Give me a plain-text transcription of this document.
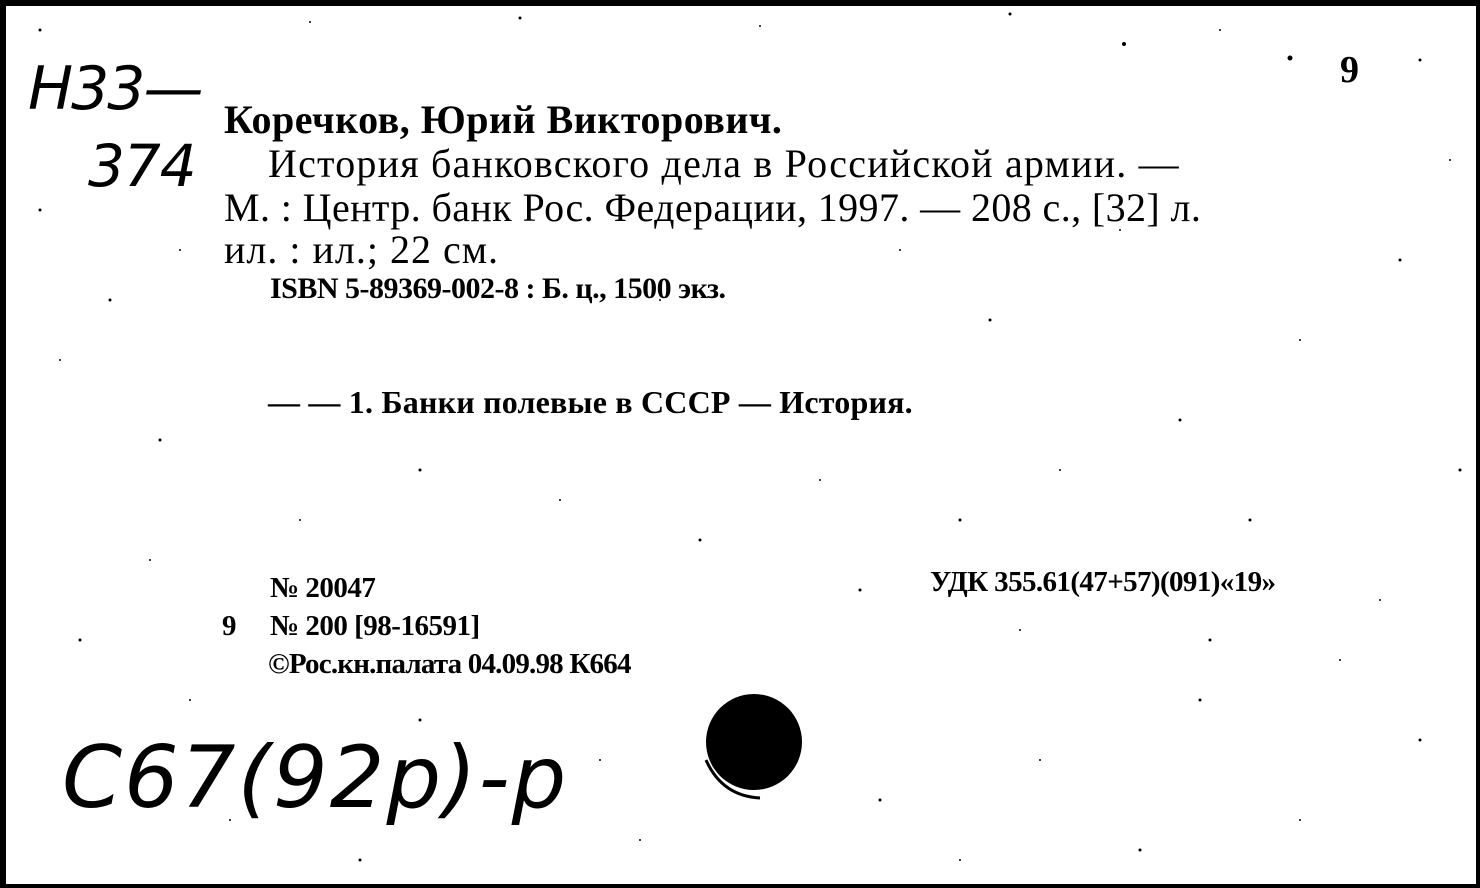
Н33—
374
9
Коречков, Юрий Викторович.
История банковского дела в Российской армии. —
М. : Центр. банк Рос. Федерации, 1997. — 208 с., [32] л.
ил. : ил.; 22 см.
ISBN 5-89369-002-8 : Б. ц., 1500 экз.
— — 1. Банки полевые в СССР — История.
№ 20047	УДК 355.61(47+57)(091)«19»
9 № 200 [98-16591]
©Рос.кн.палата 04.09.98 К664
С67(92р)-р
